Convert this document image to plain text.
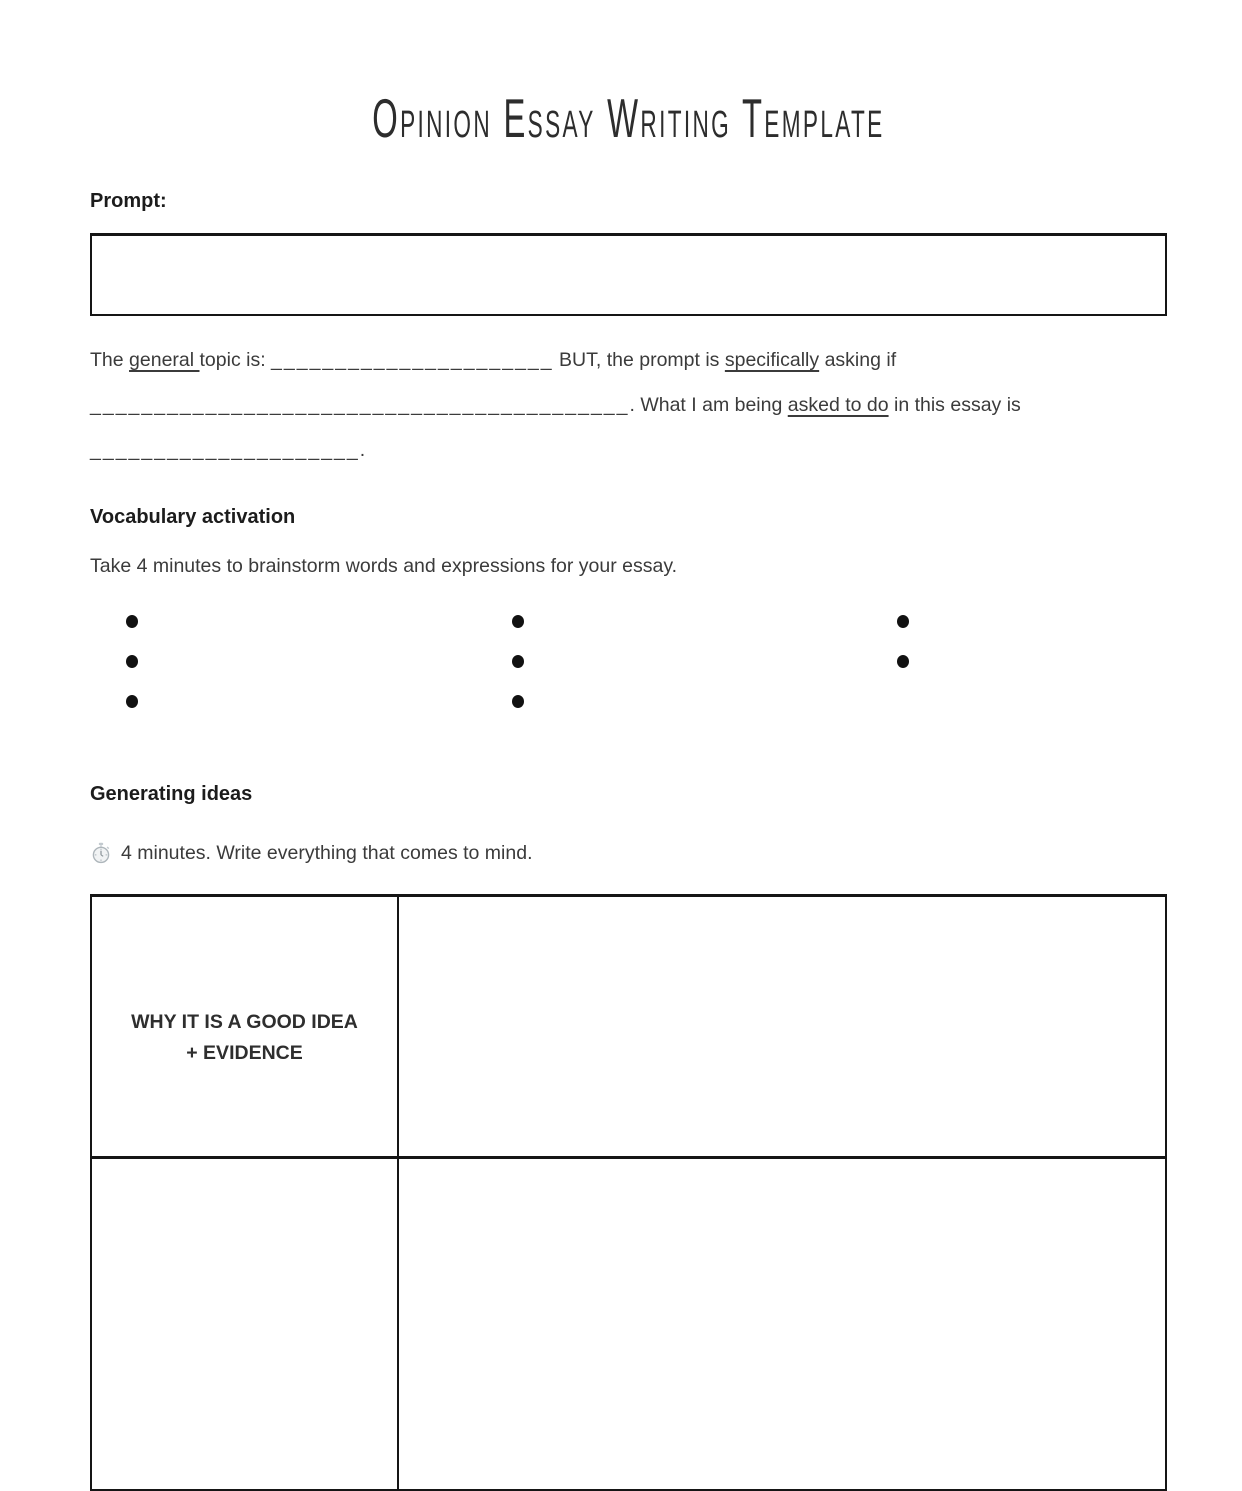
Opinion Essay Writing Template
Prompt:
The general topic is: ______________________ BUT, the prompt is specifically asking if
__________________________________________. What I am being asked to do in this essay is
_____________________.
Vocabulary activation
Take 4 minutes to brainstorm words and expressions for your essay.
Generating ideas
4 minutes. Write everything that comes to mind.
WHY IT IS A GOOD IDEA
+ EVIDENCE	
